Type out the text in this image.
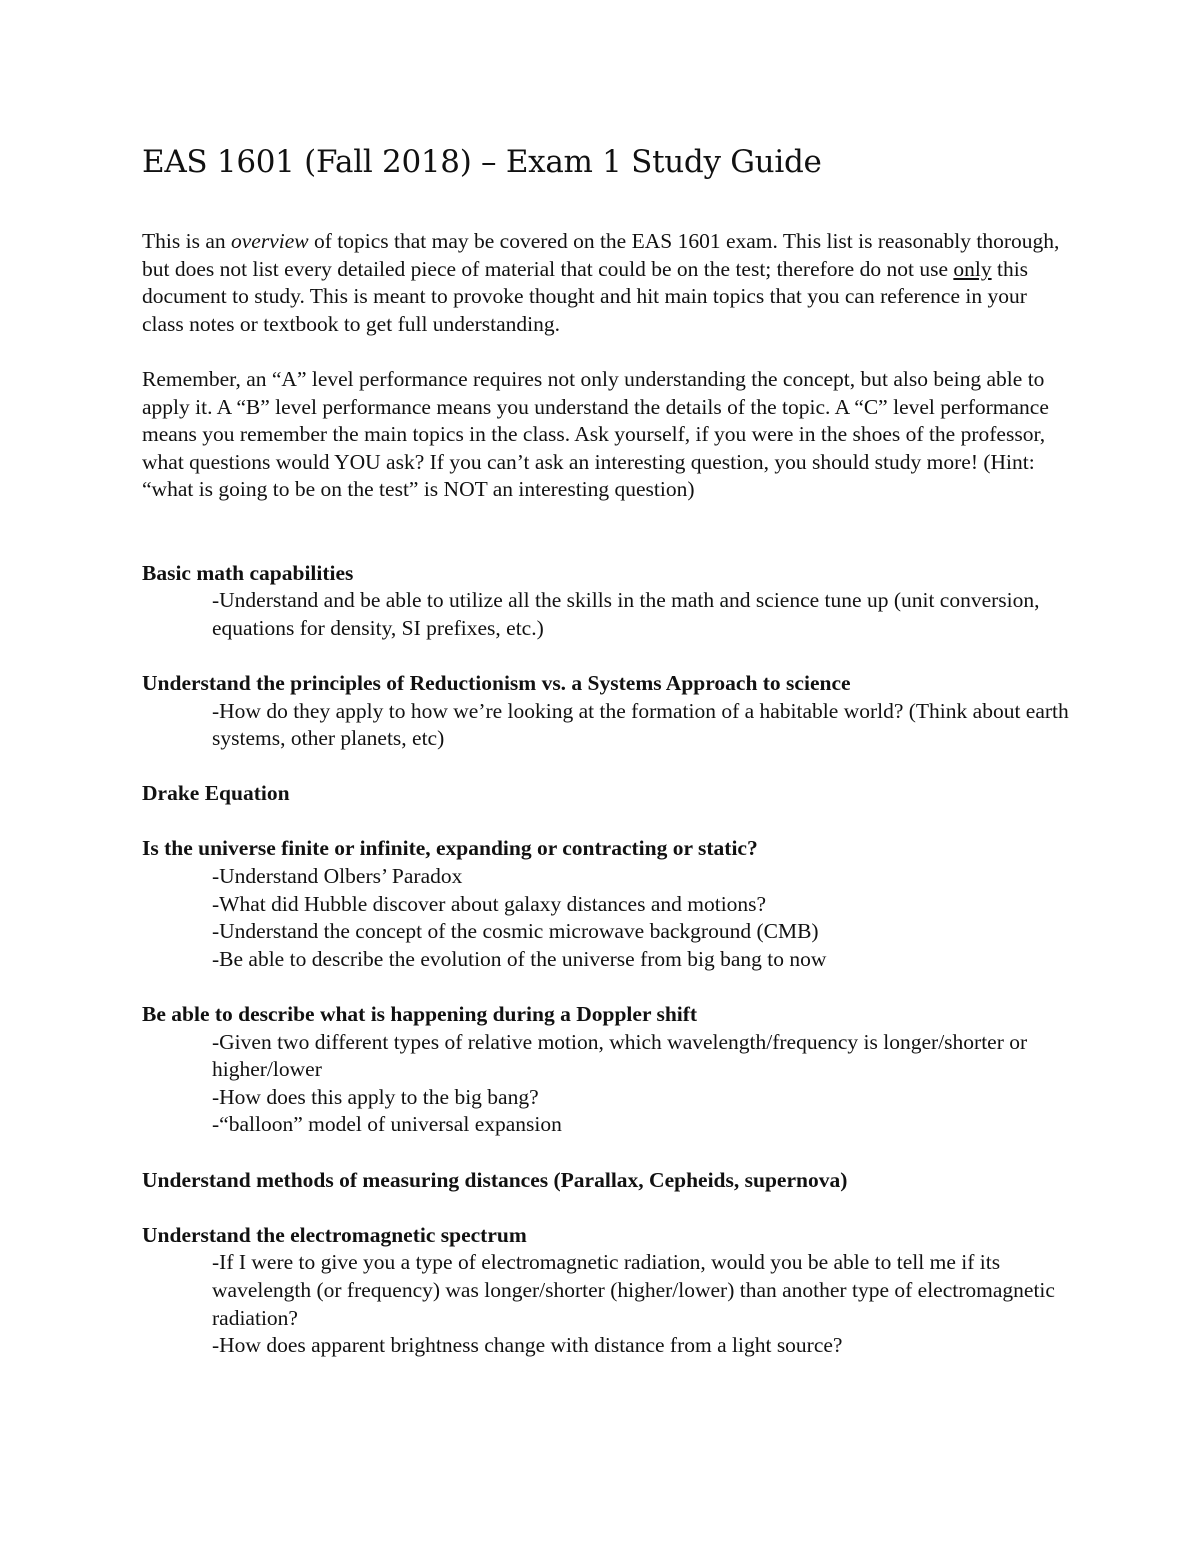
EAS 1601 (Fall 2018) – Exam 1 Study Guide

This is an overview of topics that may be covered on the EAS 1601 exam. This list is reasonably thorough, but does not list every detailed piece of material that could be on the test; therefore do not use only this document to study. This is meant to provoke thought and hit main topics that you can reference in your class notes or textbook to get full understanding.

Remember, an “A” level performance requires not only understanding the concept, but also being able to apply it. A “B” level performance means you understand the details of the topic. A “C” level performance means you remember the main topics in the class. Ask yourself, if you were in the shoes of the professor, what questions would YOU ask? If you can’t ask an interesting question, you should study more! (Hint: “what is going to be on the test” is NOT an interesting question)

Basic math capabilities

-Understand and be able to utilize all the skills in the math and science tune up (unit conversion, equations for density, SI prefixes, etc.)

Understand the principles of Reductionism vs. a Systems Approach to science

-How do they apply to how we’re looking at the formation of a habitable world? (Think about earth systems, other planets, etc)

Drake Equation

Is the universe finite or infinite, expanding or contracting or static?

-Understand Olbers’ Paradox

-What did Hubble discover about galaxy distances and motions?

-Understand the concept of the cosmic microwave background (CMB)

-Be able to describe the evolution of the universe from big bang to now

Be able to describe what is happening during a Doppler shift

-Given two different types of relative motion, which wavelength/frequency is longer/shorter or higher/lower

-How does this apply to the big bang?

-“balloon” model of universal expansion

Understand methods of measuring distances (Parallax, Cepheids, supernova)

Understand the electromagnetic spectrum

-If I were to give you a type of electromagnetic radiation, would you be able to tell me if its wavelength (or frequency) was longer/shorter (higher/lower) than another type of electromagnetic radiation?

-How does apparent brightness change with distance from a light source?
